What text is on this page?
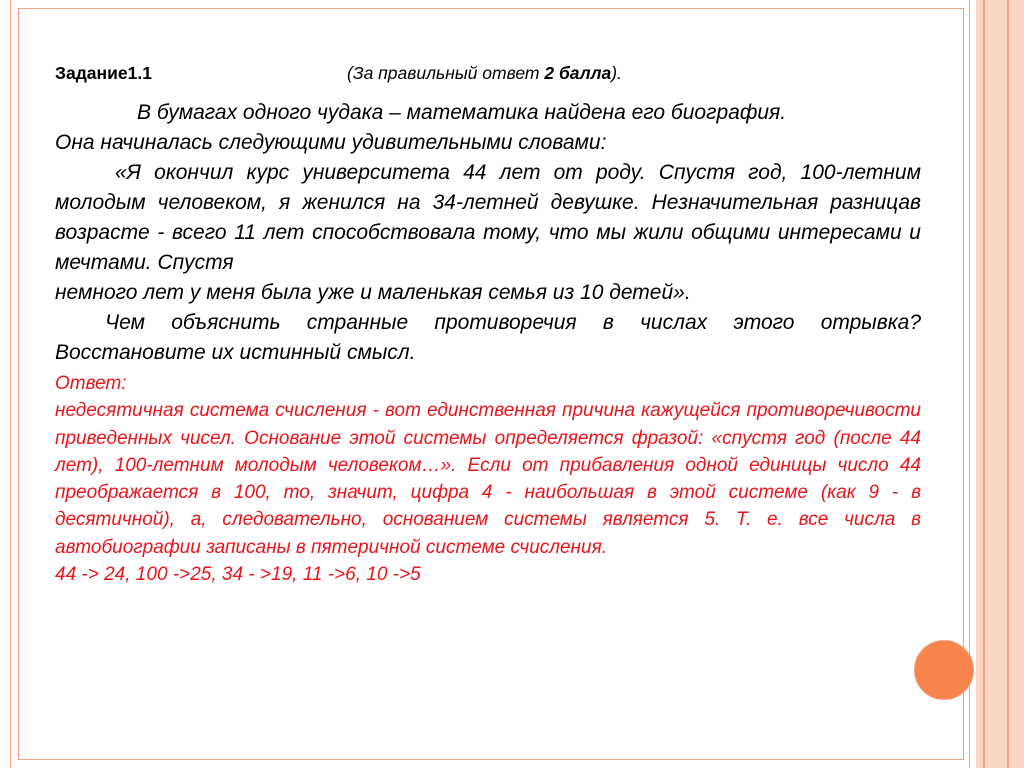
Задание1.1	(За правильный ответ 2 балла).

В бумагах одного чудака – математика найдена его биография.

Она начиналась следующими удивительными словами:

«Я окончил курс университета 44 лет от роду. Спустя год, 100-летним молодым человеком, я женился на 34-летней девушке. Незначительная разницав возрасте - всего 11 лет способствовала тому, что мы жили общими интересами и мечтами. Спустя

немного лет у меня была уже и маленькая семья из 10 детей».

Чем объяснить странные противоречия в числах этого отрывка? Восстановите их истинный смысл.

Ответ:

недесятичная система счисления - вот единственная причина кажущейся противоречивости приведенных чисел. Основание этой системы определяется фразой: «спустя год (после 44 лет), 100-летним молодым человеком…». Если от прибавления одной единицы число 44 преображается в 100, то, значит, цифра 4 - наибольшая в этой системе (как 9 - в десятичной), а, следовательно, основанием системы является 5. Т. е. все числа в автобиографии записаны в пятеричной системе счисления.

44 -> 24, 100 ->25, 34 - >19, 11 ->6, 10 ->5
